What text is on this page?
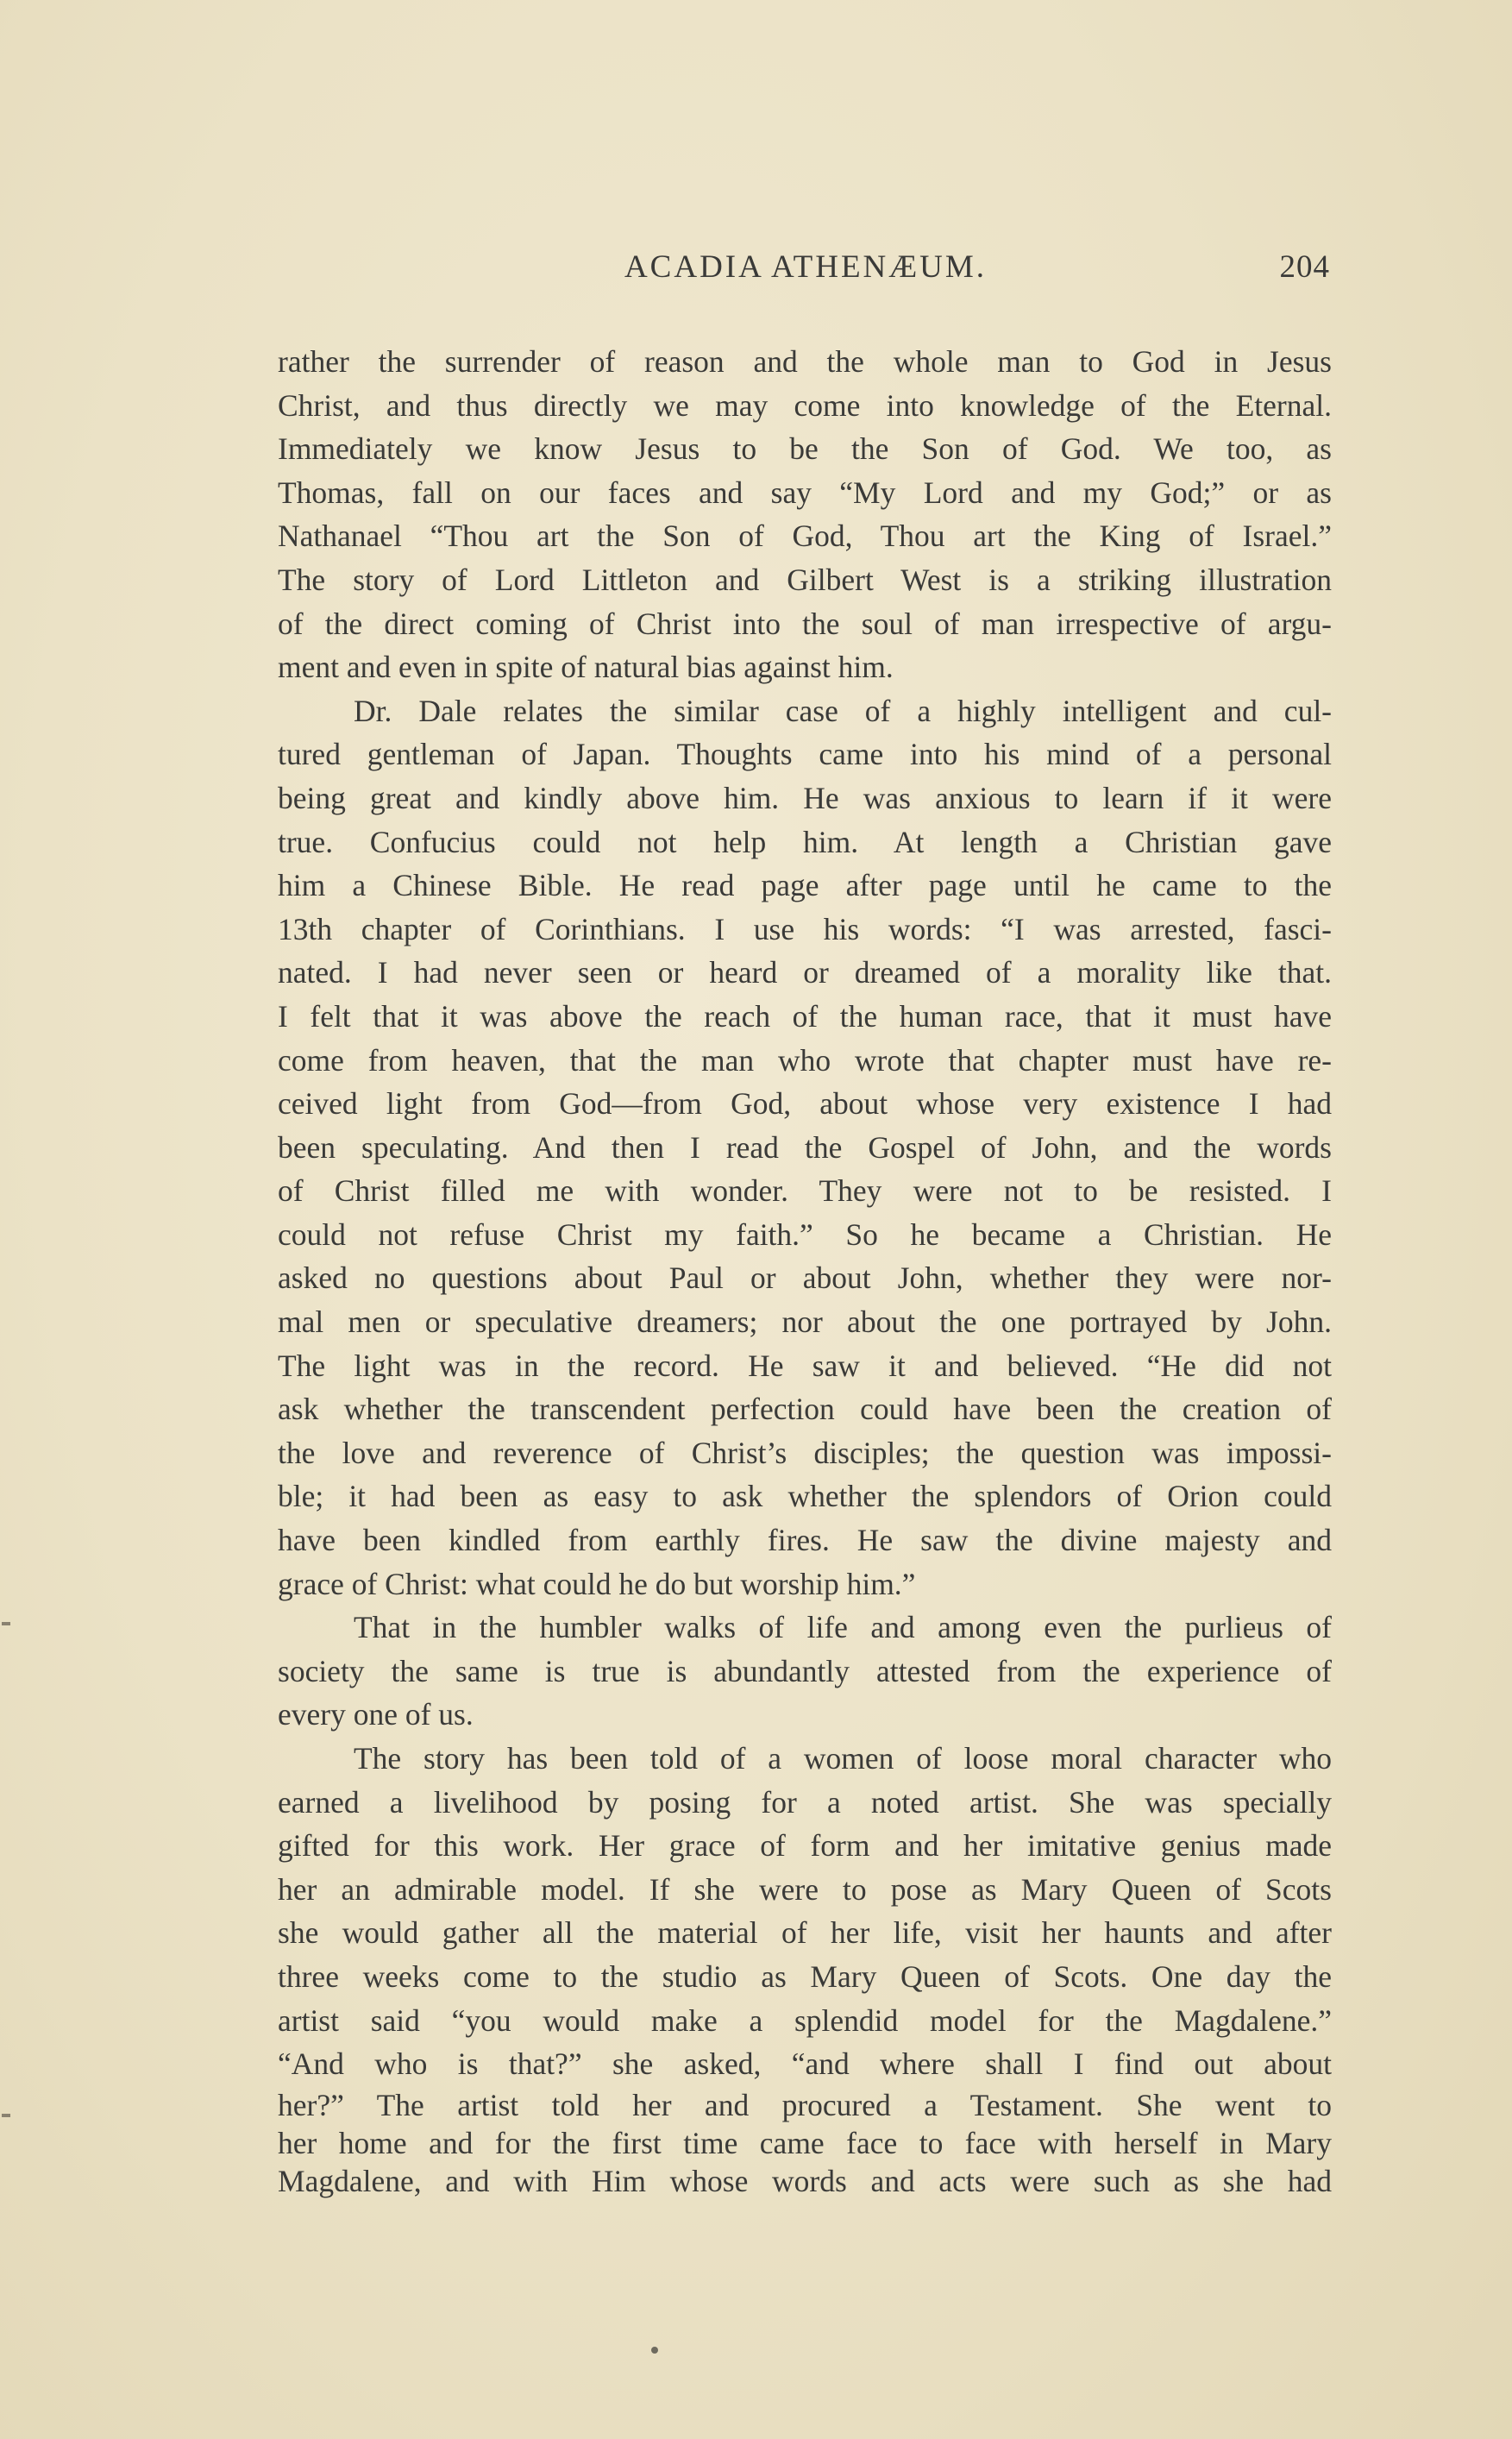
ACADIA ATHENÆUM.	204
rather the surrender of reason and the whole man to God in Jesus
Christ, and thus directly we may come into knowledge of the Eternal.
Immediately we know Jesus to be the Son of God. We too, as
Thomas, fall on our faces and say “My Lord and my God;” or as
Nathanael “Thou art the Son of God, Thou art the King of Israel.”
The story of Lord Littleton and Gilbert West is a striking illustration
of the direct coming of Christ into the soul of man irrespective of argu-
ment and even in spite of natural bias against him.
Dr. Dale relates the similar case of a highly intelligent and cul-
tured gentleman of Japan. Thoughts came into his mind of a personal
being great and kindly above him. He was anxious to learn if it were
true. Confucius could not help him. At length a Christian gave
him a Chinese Bible. He read page after page until he came to the
13th chapter of Corinthians. I use his words: “I was arrested, fasci-
nated. I had never seen or heard or dreamed of a morality like that.
I felt that it was above the reach of the human race, that it must have
come from heaven, that the man who wrote that chapter must have re-
ceived light from God—from God, about whose very existence I had
been speculating. And then I read the Gospel of John, and the words
of Christ filled me with wonder. They were not to be resisted. I
could not refuse Christ my faith.” So he became a Christian. He
asked no questions about Paul or about John, whether they were nor-
mal men or speculative dreamers; nor about the one portrayed by John.
The light was in the record. He saw it and believed. “He did not
ask whether the transcendent perfection could have been the creation of
the love and reverence of Christ’s disciples; the question was impossi-
ble; it had been as easy to ask whether the splendors of Orion could
have been kindled from earthly fires. He saw the divine majesty and
grace of Christ: what could he do but worship him.”
That in the humbler walks of life and among even the purlieus of
society the same is true is abundantly attested from the experience of
every one of us.
The story has been told of a women of loose moral character who
earned a livelihood by posing for a noted artist. She was specially
gifted for this work. Her grace of form and her imitative genius made
her an admirable model. If she were to pose as Mary Queen of Scots
she would gather all the material of her life, visit her haunts and after
three weeks come to the studio as Mary Queen of Scots. One day the
artist said “you would make a splendid model for the Magdalene.”
“And who is that?” she asked, “and where shall I find out about
her?” The artist told her and procured a Testament. She went to
her home and for the first time came face to face with herself in Mary
Magdalene, and with Him whose words and acts were such as she had
